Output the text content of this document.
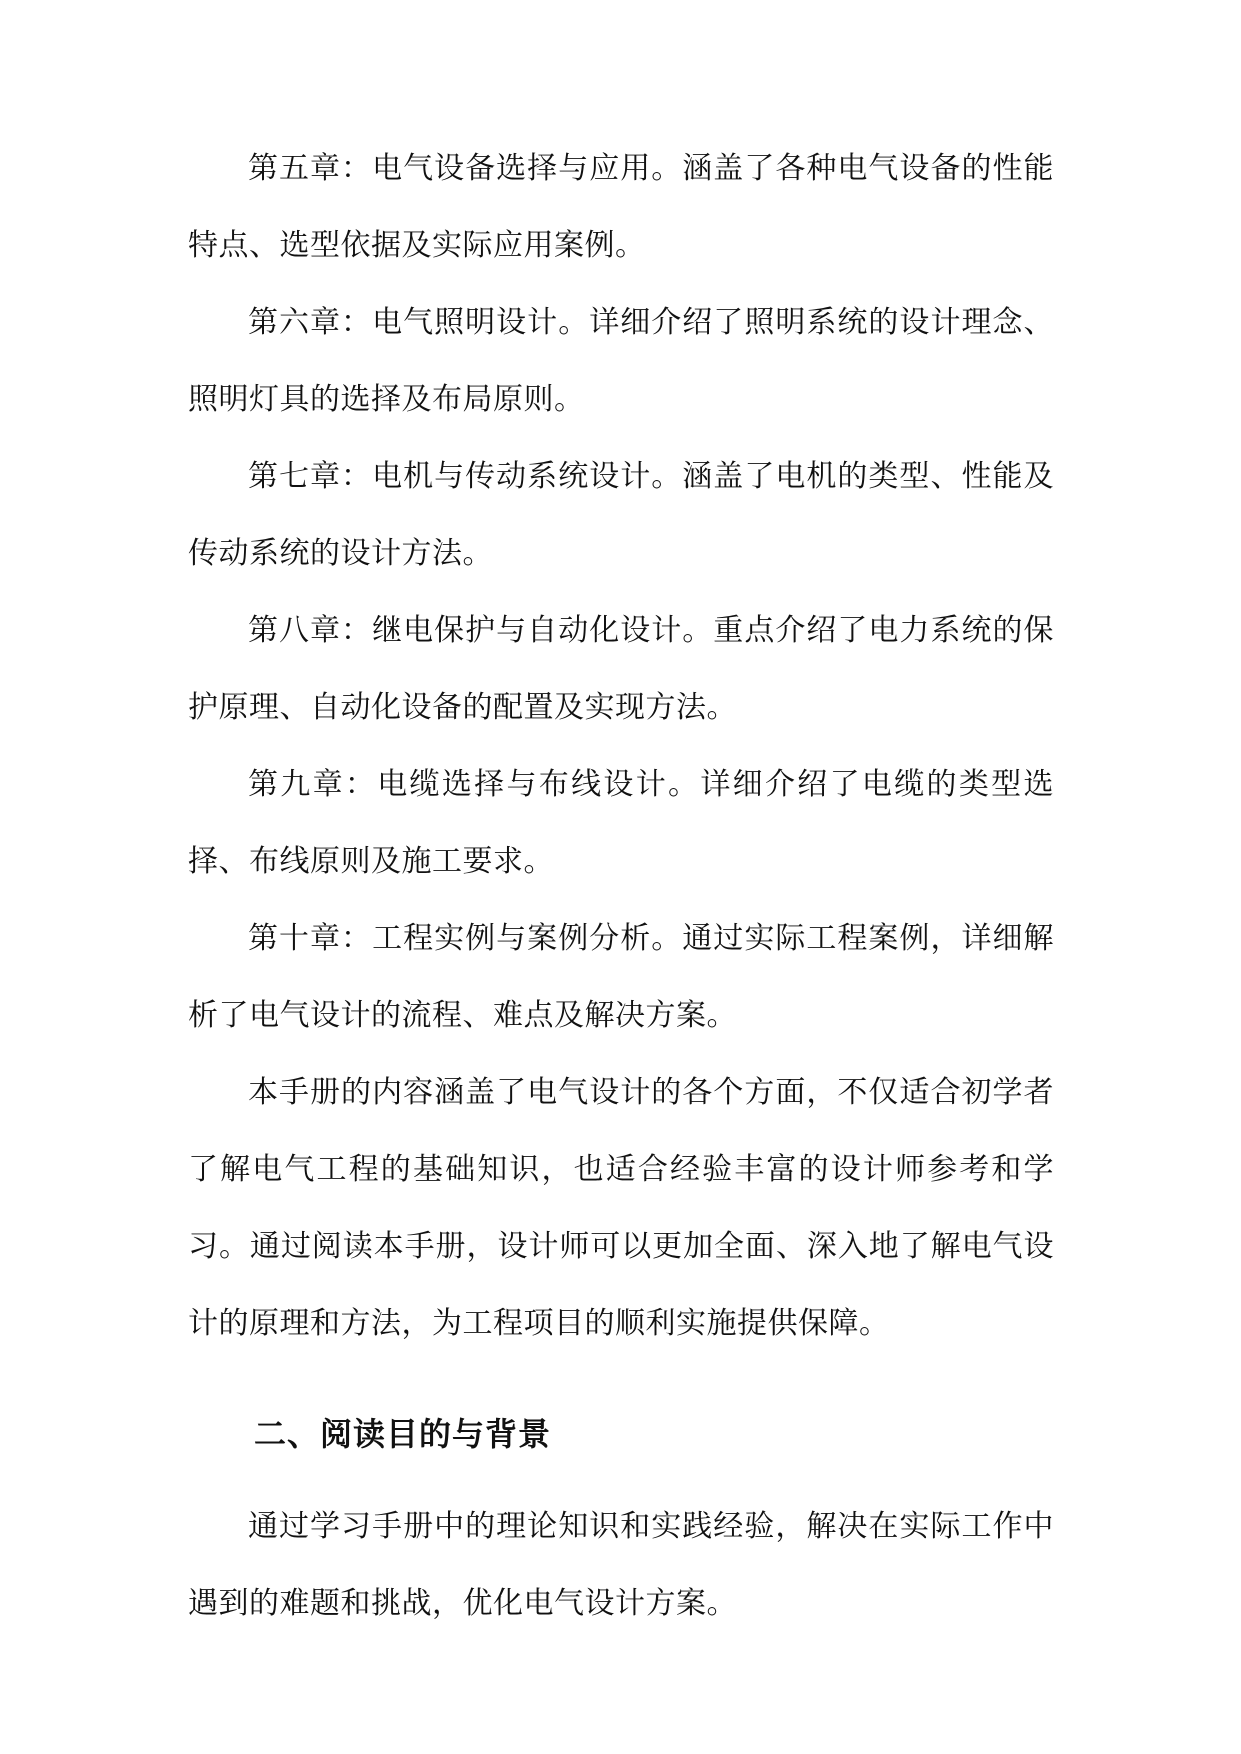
第五章：电气设备选择与应用。涵盖了各种电气设备的性能特点、选型依据及实际应用案例。

第六章：电气照明设计。详细介绍了照明系统的设计理念、照明灯具的选择及布局原则。

第七章：电机与传动系统设计。涵盖了电机的类型、性能及传动系统的设计方法。

第八章：继电保护与自动化设计。重点介绍了电力系统的保护原理、自动化设备的配置及实现方法。

第九章：电缆选择与布线设计。详细介绍了电缆的类型选择、布线原则及施工要求。

第十章：工程实例与案例分析。通过实际工程案例，详细解析了电气设计的流程、难点及解决方案。

本手册的内容涵盖了电气设计的各个方面，不仅适合初学者了解电气工程的基础知识，也适合经验丰富的设计师参考和学习。通过阅读本手册，设计师可以更加全面、深入地了解电气设计的原理和方法，为工程项目的顺利实施提供保障。

二、阅读目的与背景

通过学习手册中的理论知识和实践经验，解决在实际工作中遇到的难题和挑战，优化电气设计方案。
